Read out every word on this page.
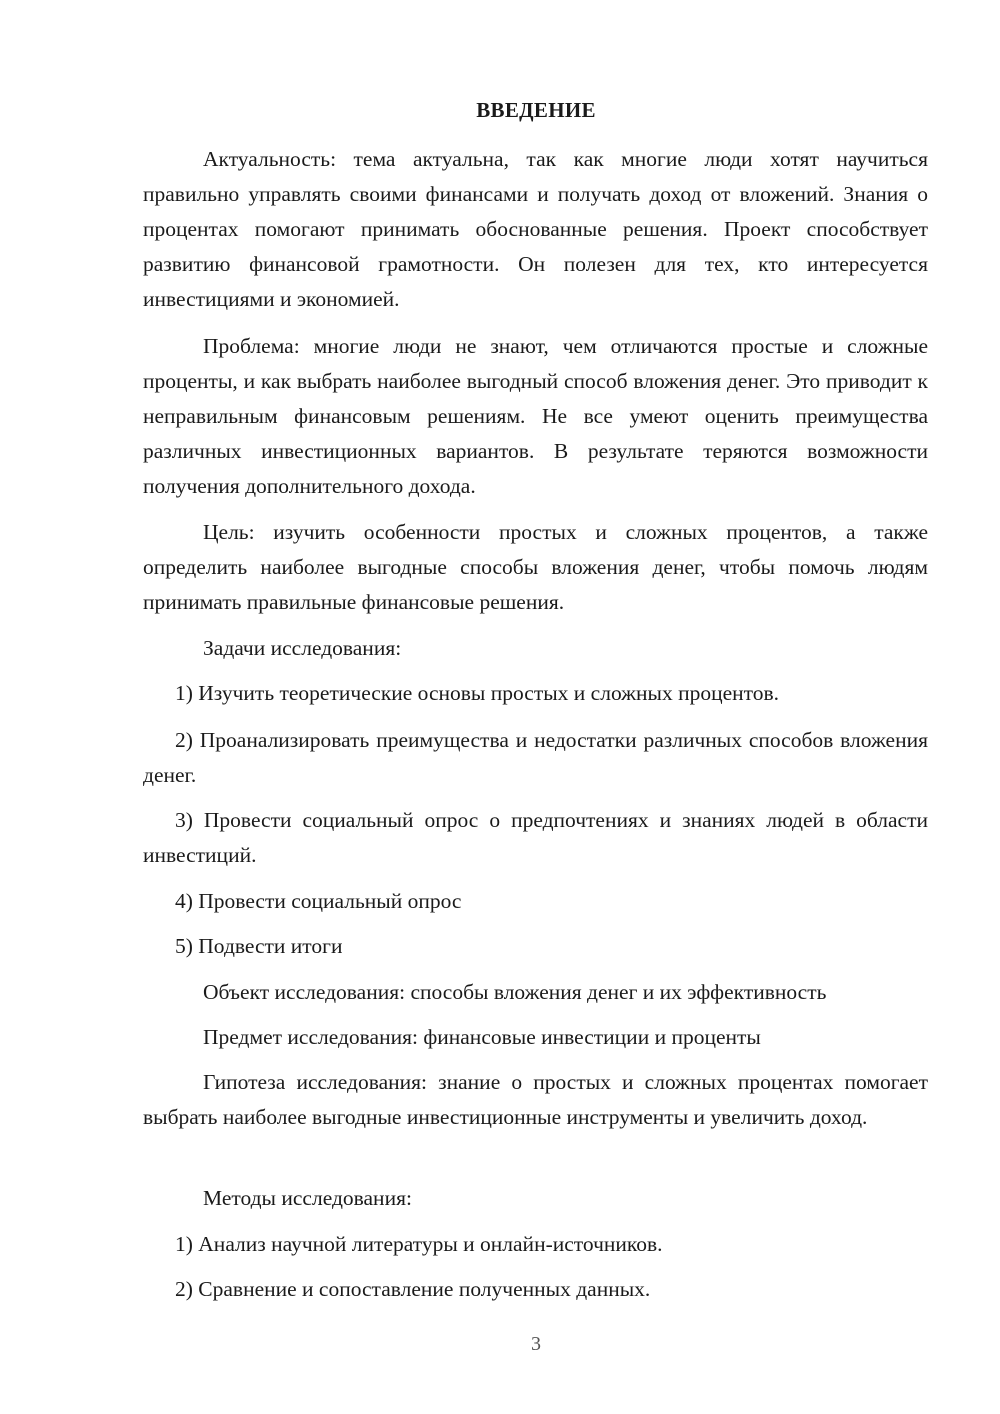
ВВЕДЕНИЕ

Актуальность: тема актуальна, так как многие люди хотят научиться правильно управлять своими финансами и получать доход от вложений. Знания о процентах помогают принимать обоснованные решения. Проект способствует развитию финансовой грамотности. Он полезен для тех, кто интересуется инвестициями и экономией.

Проблема: многие люди не знают, чем отличаются простые и сложные проценты, и как выбрать наиболее выгодный способ вложения денег. Это приводит к неправильным финансовым решениям. Не все умеют оценить преимущества различных инвестиционных вариантов. В результате теряются возможности получения дополнительного дохода.

Цель: изучить особенности простых и сложных процентов, а также определить наиболее выгодные способы вложения денег, чтобы помочь людям принимать правильные финансовые решения.

Задачи исследования:

1) Изучить теоретические основы простых и сложных процентов.

2) Проанализировать преимущества и недостатки различных способов вложения денег.

3) Провести социальный опрос о предпочтениях и знаниях людей в области инвестиций.

4) Провести социальный опрос

5) Подвести итоги

Объект исследования: способы вложения денег и их эффективность

Предмет исследования: финансовые инвестиции и проценты

Гипотеза исследования: знание о простых и сложных процентах помогает выбрать наиболее выгодные инвестиционные инструменты и увеличить доход.

Методы исследования:

1) Анализ научной литературы и онлайн-источников.

2) Сравнение и сопоставление полученных данных.

3
